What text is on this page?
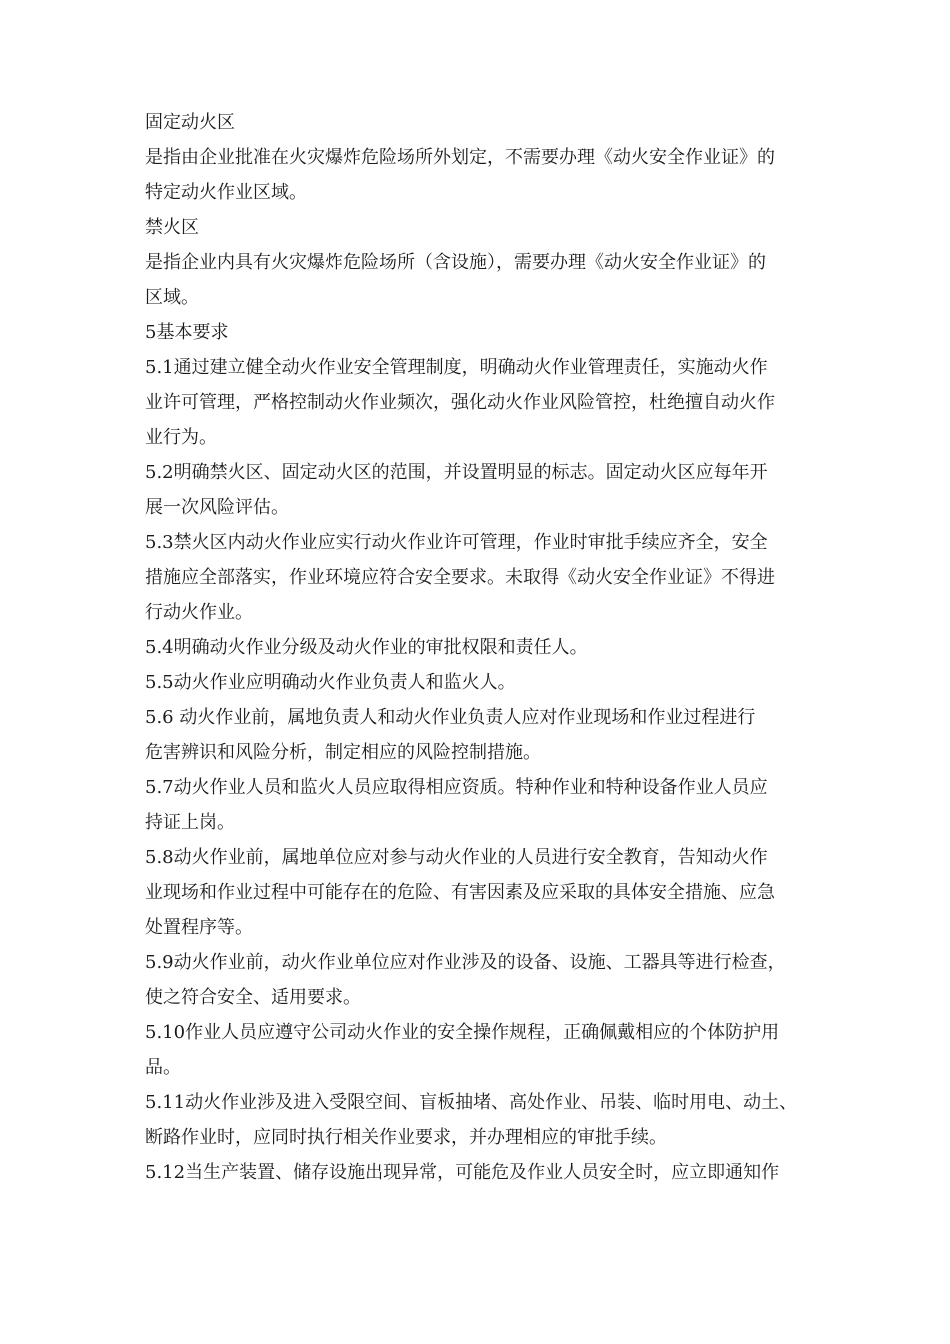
固定动火区
是指由企业批准在火灾爆炸危险场所外划定，不需要办理《动火安全作业证》的
特定动火作业区域。
禁火区
是指企业内具有火灾爆炸危险场所（含设施），需要办理《动火安全作业证》的
区域。
5基本要求
5.1通过建立健全动火作业安全管理制度，明确动火作业管理责任，实施动火作
业许可管理，严格控制动火作业频次，强化动火作业风险管控，杜绝擅自动火作
业行为。
5.2明确禁火区、固定动火区的范围，并设置明显的标志。固定动火区应每年开
展一次风险评估。
5.3禁火区内动火作业应实行动火作业许可管理，作业时审批手续应齐全，安全
措施应全部落实，作业环境应符合安全要求。未取得《动火安全作业证》不得进
行动火作业。
5.4明确动火作业分级及动火作业的审批权限和责任人。
5.5动火作业应明确动火作业负责人和监火人。
5.6 动火作业前，属地负责人和动火作业负责人应对作业现场和作业过程进行
危害辨识和风险分析，制定相应的风险控制措施。
5.7动火作业人员和监火人员应取得相应资质。特种作业和特种设备作业人员应
持证上岗。
5.8动火作业前，属地单位应对参与动火作业的人员进行安全教育，告知动火作
业现场和作业过程中可能存在的危险、有害因素及应采取的具体安全措施、应急
处置程序等。
5.9动火作业前，动火作业单位应对作业涉及的设备、设施、工器具等进行检查，
使之符合安全、适用要求。
5.10作业人员应遵守公司动火作业的安全操作规程，正确佩戴相应的个体防护用
品。
5.11动火作业涉及进入受限空间、盲板抽堵、高处作业、吊装、临时用电、动土、
断路作业时，应同时执行相关作业要求，并办理相应的审批手续。
5.12当生产装置、储存设施出现异常，可能危及作业人员安全时，应立即通知作
